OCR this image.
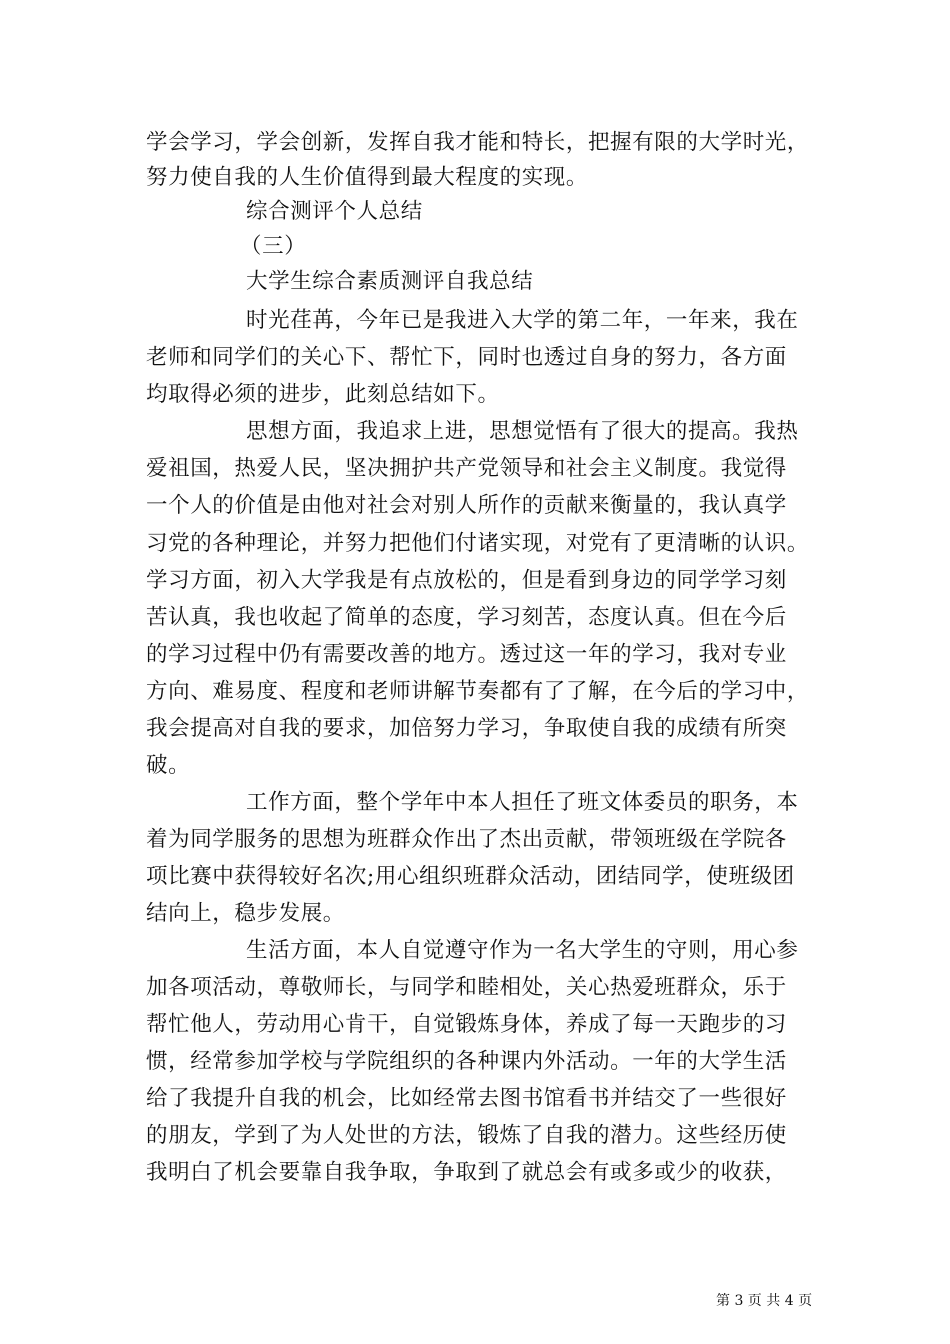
学会学习，学会创新，发挥自我才能和特长，把握有限的大学时光，
努力使自我的人生价值得到最大程度的实现。
综合测评个人总结
（三）
大学生综合素质测评自我总结
时光荏苒，今年已是我进入大学的第二年，一年来，我在
老师和同学们的关心下、帮忙下，同时也透过自身的努力，各方面
均取得必须的进步，此刻总结如下。
思想方面，我追求上进，思想觉悟有了很大的提高。我热
爱祖国，热爱人民，坚决拥护共产党领导和社会主义制度。我觉得
一个人的价值是由他对社会对别人所作的贡献来衡量的，我认真学
习党的各种理论，并努力把他们付诸实现，对党有了更清晰的认识。
学习方面，初入大学我是有点放松的，但是看到身边的同学学习刻
苦认真，我也收起了简单的态度，学习刻苦，态度认真。但在今后
的学习过程中仍有需要改善的地方。透过这一年的学习，我对专业
方向、难易度、程度和老师讲解节奏都有了了解，在今后的学习中，
我会提高对自我的要求，加倍努力学习，争取使自我的成绩有所突
破。
工作方面，整个学年中本人担任了班文体委员的职务，本
着为同学服务的思想为班群众作出了杰出贡献，带领班级在学院各
项比赛中获得较好名次;用心组织班群众活动，团结同学，使班级团
结向上，稳步发展。
生活方面，本人自觉遵守作为一名大学生的守则，用心参
加各项活动，尊敬师长，与同学和睦相处，关心热爱班群众，乐于
帮忙他人，劳动用心肯干，自觉锻炼身体，养成了每一天跑步的习
惯，经常参加学校与学院组织的各种课内外活动。一年的大学生活
给了我提升自我的机会，比如经常去图书馆看书并结交了一些很好
的朋友，学到了为人处世的方法，锻炼了自我的潜力。这些经历使
我明白了机会要靠自我争取，争取到了就总会有或多或少的收获，
第 3 页 共 4 页
